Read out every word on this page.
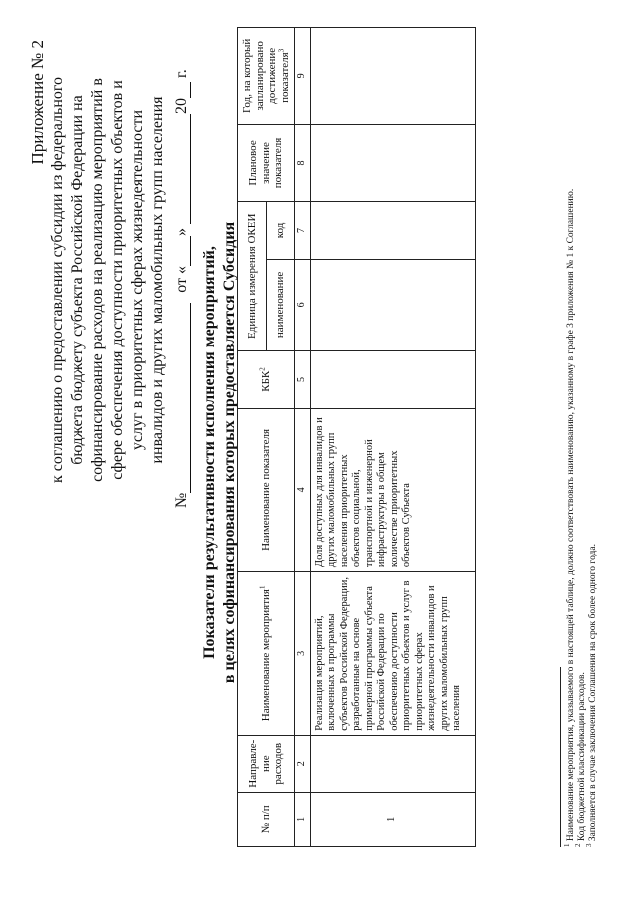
Приложение № 2 к соглашению о предоставлении субсидии из федерального бюджета бюджету субъекта Российской Федерации на софинансирование расходов на реализацию мероприятий в сфере обеспечения доступности приоритетных объектов и услуг в приоритетных сферах жизнедеятельности инвалидов и других маломобильных групп населения
№
от «
»
20
г.
Показатели результативности исполнения мероприятий, в целях софинансирования которых предоставляется Субсидия
№ п/п	Направле-ние расходов	Наименование мероприятия$^1$	Наименование показателя	КБК$^2$	Единица измерения ОКЕИ		Плановое значение показателя	Год, на который запланировано достижение показателя$^3$
					наименование	код		
1	2	3	4	5	6	7	8	9
1		Реализация мероприятий, включенных в программы субъектов Российской Федерации, разработанные на основе примерной программы субъекта Российской Федерации по обеспечению доступности приоритетных объектов и услуг в приоритетных сферах жизнедеятельности инвалидов и других маломобильных групп населения	Доля доступных для инвалидов и других маломобильных групп населения приоритетных объектов социальной, транспортной и инженерной инфраструктуры в общем количестве приоритетных объектов Субъекта					
$^1$ Наименование мероприятия, указываемого в настоящей таблице, должно соответствовать наименованию, указанному в графе 3 приложения № 1 к Соглашению.
$^2$ Код бюджетной классификации расходов.
$^3$ Заполняется в случае заключения Соглашения на срок более одного года.
